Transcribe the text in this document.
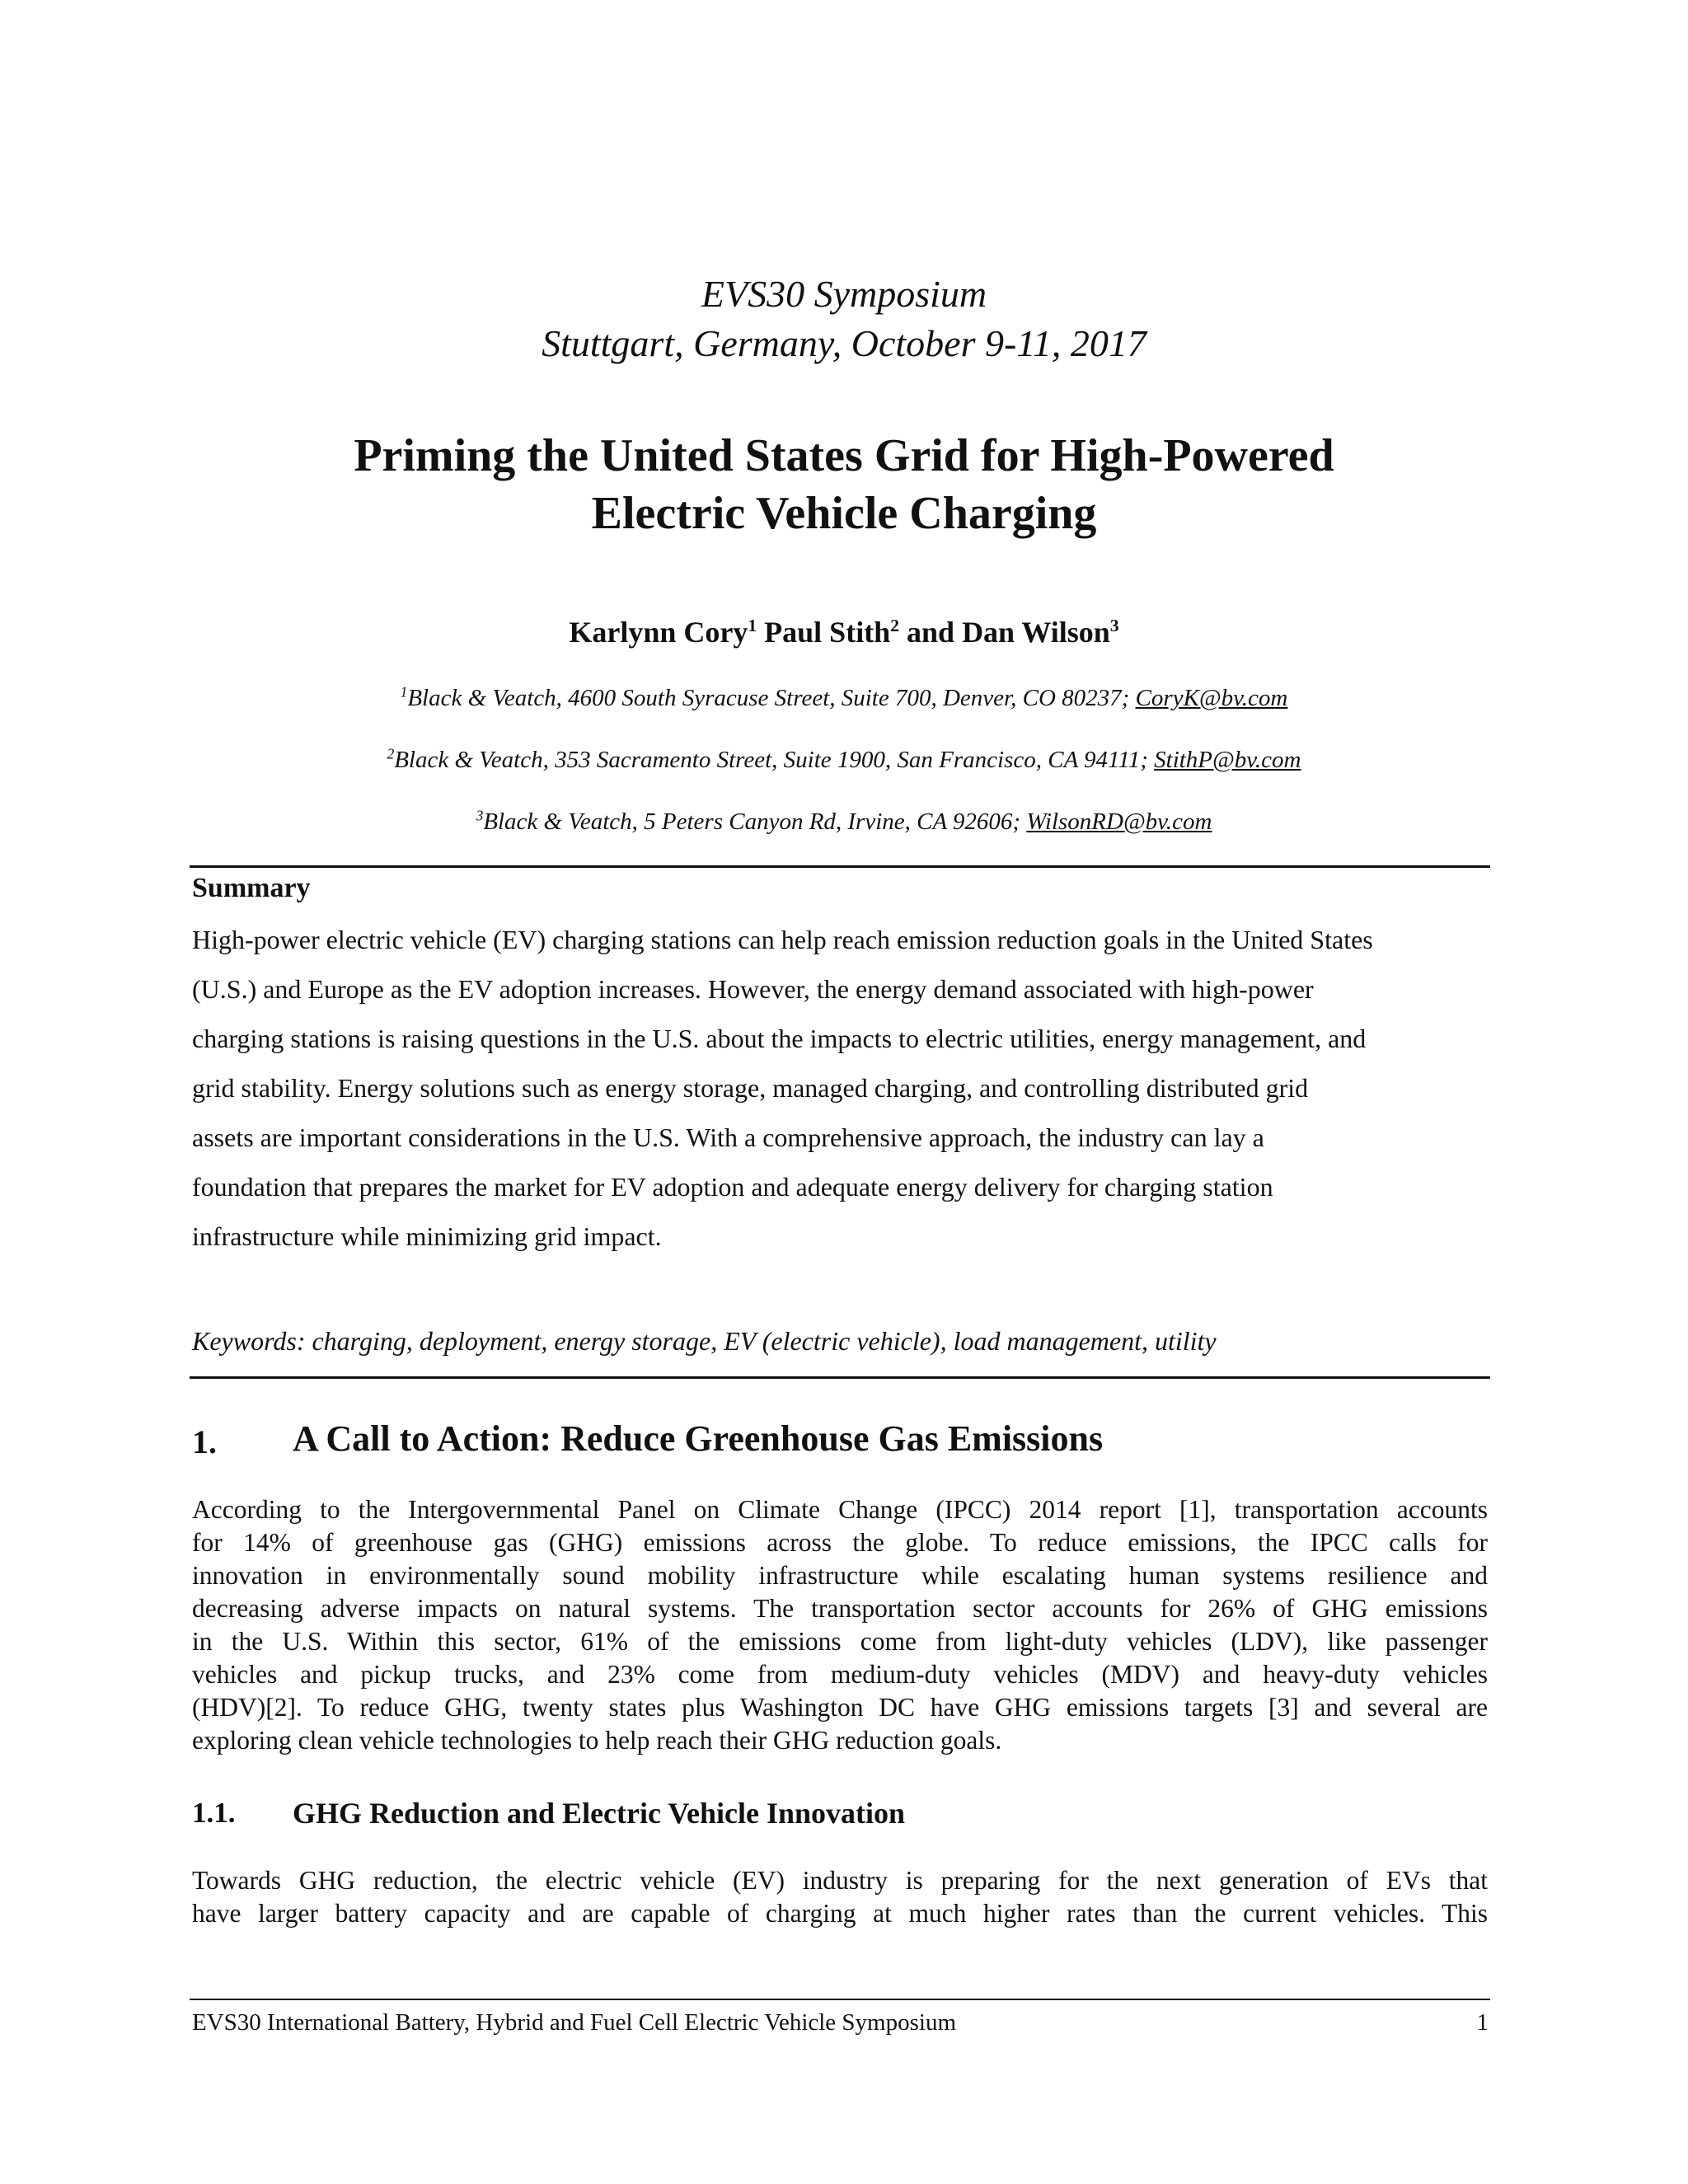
EVS30 Symposium
Stuttgart, Germany, October 9-11, 2017
Priming the United States Grid for High-Powered
Electric Vehicle Charging
Karlynn Cory$^1$ Paul Stith$^2$ and Dan Wilson$^3$
$^1$Black & Veatch, 4600 South Syracuse Street, Suite 700, Denver, CO 80237; CoryK@bv.com
$^2$Black & Veatch, 353 Sacramento Street, Suite 1900, San Francisco, CA 94111; StithP@bv.com
$^3$Black & Veatch, 5 Peters Canyon Rd, Irvine, CA 92606; WilsonRD@bv.com
Summary
High-power electric vehicle (EV) charging stations can help reach emission reduction goals in the United States
(U.S.) and Europe as the EV adoption increases. However, the energy demand associated with high-power
charging stations is raising questions in the U.S. about the impacts to electric utilities, energy management, and
grid stability. Energy solutions such as energy storage, managed charging, and controlling distributed grid
assets are important considerations in the U.S. With a comprehensive approach, the industry can lay a
foundation that prepares the market for EV adoption and adequate energy delivery for charging station
infrastructure while minimizing grid impact.
Keywords: charging, deployment, energy storage, EV (electric vehicle), load management, utility
1. A Call to Action: Reduce Greenhouse Gas Emissions
According to the Intergovernmental Panel on Climate Change (IPCC) 2014 report [1], transportation accounts
for 14% of greenhouse gas (GHG) emissions across the globe. To reduce emissions, the IPCC calls for
innovation in environmentally sound mobility infrastructure while escalating human systems resilience and
decreasing adverse impacts on natural systems. The transportation sector accounts for 26% of GHG emissions
in the U.S. Within this sector, 61% of the emissions come from light-duty vehicles (LDV), like passenger
vehicles and pickup trucks, and 23% come from medium-duty vehicles (MDV) and heavy-duty vehicles
(HDV)[2]. To reduce GHG, twenty states plus Washington DC have GHG emissions targets [3] and several are
exploring clean vehicle technologies to help reach their GHG reduction goals.
1.1. GHG Reduction and Electric Vehicle Innovation
Towards GHG reduction, the electric vehicle (EV) industry is preparing for the next generation of EVs that
have larger battery capacity and are capable of charging at much higher rates than the current vehicles. This
EVS30 International Battery, Hybrid and Fuel Cell Electric Vehicle Symposium	1
